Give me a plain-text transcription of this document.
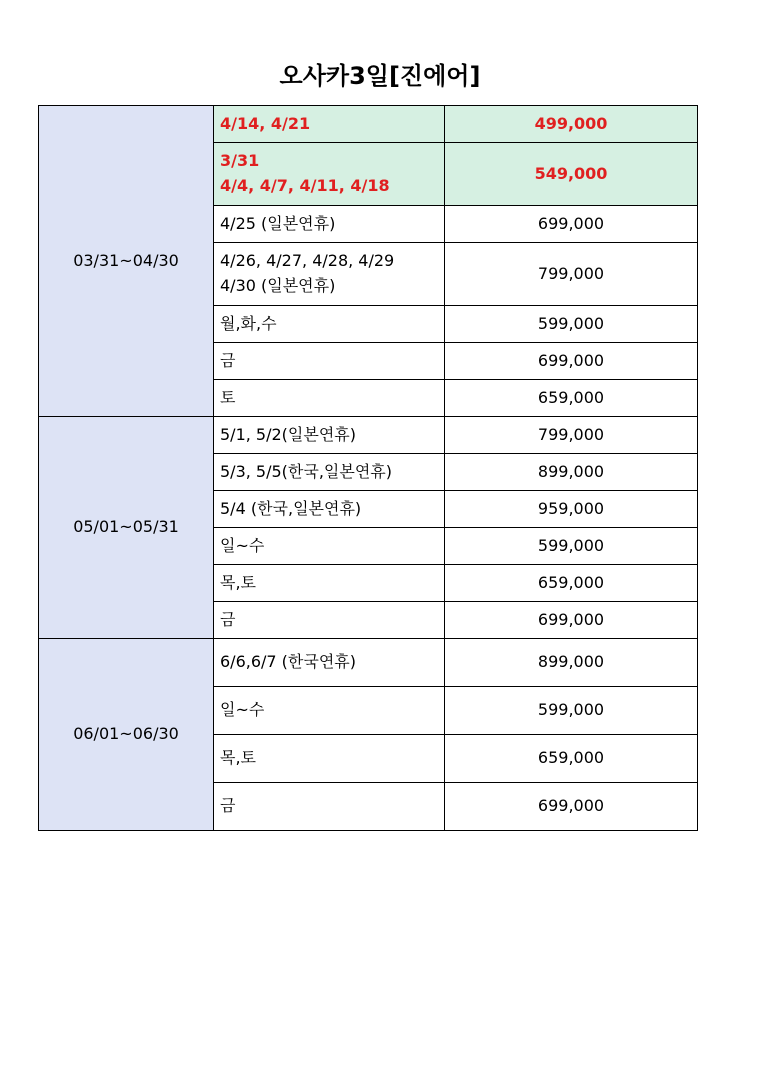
오사카3일[진에어]
03/31~04/30	4/14, 4/21	499,000

	3/31
4/4, 4/7, 4/11, 4/18	549,000

	4/25 (일본연휴)	699,000

	4/26, 4/27, 4/28, 4/29
4/30 (일본연휴)	799,000

	월,화,수	599,000

	금	699,000

	토	659,000
05/01~05/31	5/1, 5/2(일본연휴)	799,000

	5/3, 5/5(한국,일본연휴)	899,000

	5/4 (한국,일본연휴)	959,000

	일~수	599,000

	목,토	659,000

	금	699,000
06/01~06/30	6/6,6/7 (한국연휴)	899,000

	일~수	599,000

	목,토	659,000

	금	699,000
